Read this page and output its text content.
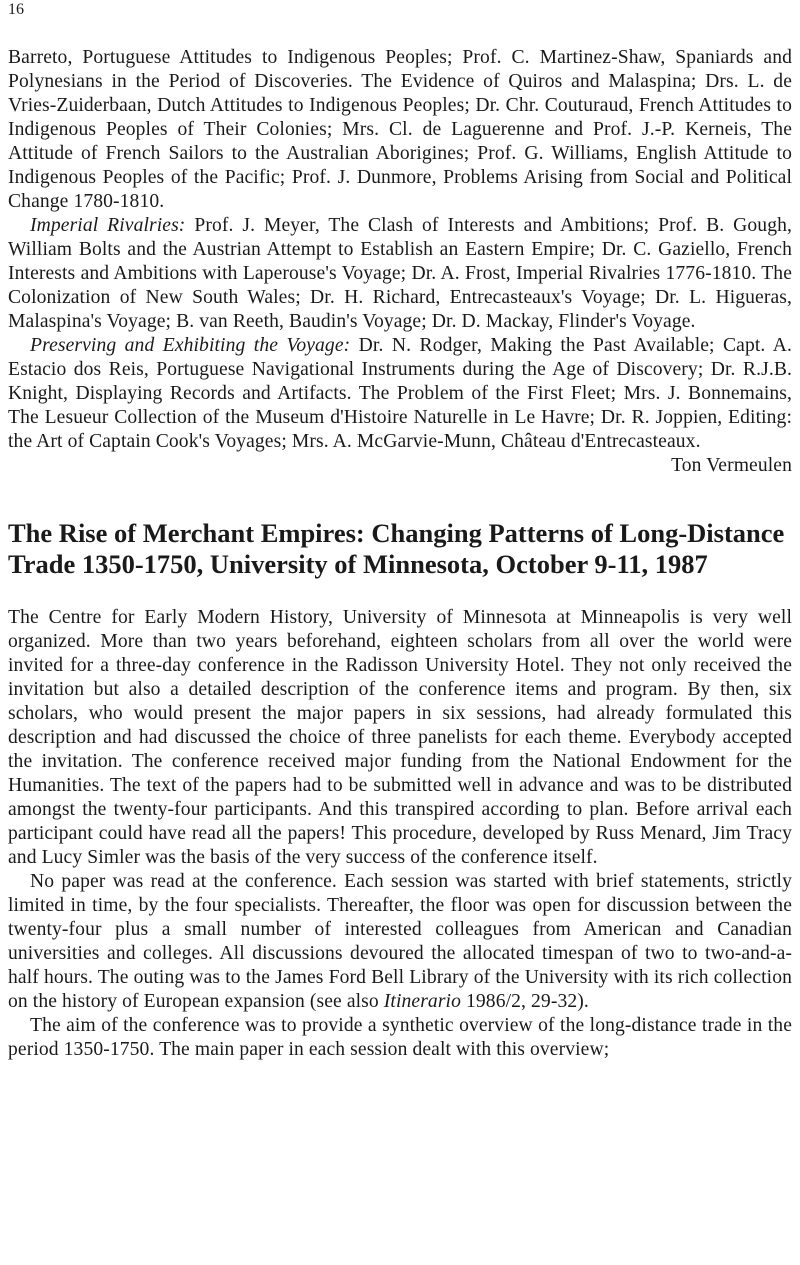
16

Barreto, Portuguese Attitudes to Indigenous Peoples; Prof. C. Martinez-Shaw, Spaniards and Polynesians in the Period of Discoveries. The Evidence of Quiros and Malaspina; Drs. L. de Vries-Zuiderbaan, Dutch Attitudes to Indigenous Peoples; Dr. Chr. Couturaud, French Attitudes to Indigenous Peoples of Their Colonies; Mrs. Cl. de Laguerenne and Prof. J.-P. Kerneis, The Attitude of French Sailors to the Australian Aborigines; Prof. G. Williams, English Attitude to Indigenous Peoples of the Pacific; Prof. J. Dunmore, Problems Arising from Social and Political Change 1780-1810.

Imperial Rivalries: Prof. J. Meyer, The Clash of Interests and Ambitions; Prof. B. Gough, William Bolts and the Austrian Attempt to Establish an Eastern Empire; Dr. C. Gaziello, French Interests and Ambitions with Laperouse's Voyage; Dr. A. Frost, Imperial Rivalries 1776-1810. The Colonization of New South Wales; Dr. H. Richard, Entrecasteaux's Voyage; Dr. L. Higueras, Malaspina's Voyage; B. van Reeth, Baudin's Voyage; Dr. D. Mackay, Flinder's Voyage.

Preserving and Exhibiting the Voyage: Dr. N. Rodger, Making the Past Available; Capt. A. Estacio dos Reis, Portuguese Navigational Instruments during the Age of Discovery; Dr. R.J.B. Knight, Displaying Records and Artifacts. The Problem of the First Fleet; Mrs. J. Bonnemains, The Lesueur Collection of the Museum d'Histoire Naturelle in Le Havre; Dr. R. Joppien, Editing: the Art of Captain Cook's Voyages; Mrs. A. McGarvie-Munn, Château d'Entrecasteaux.

Ton Vermeulen

The Rise of Merchant Empires: Changing Patterns of Long-Distance Trade 1350-1750, University of Minnesota, October 9-11, 1987

The Centre for Early Modern History, University of Minnesota at Minneapolis is very well organized. More than two years beforehand, eighteen scholars from all over the world were invited for a three-day conference in the Radisson University Hotel. They not only received the invitation but also a detailed description of the conference items and program. By then, six scholars, who would present the major papers in six sessions, had already formulated this description and had discussed the choice of three panelists for each theme. Everybody accepted the invitation. The conference received major funding from the National Endowment for the Humanities. The text of the papers had to be submitted well in advance and was to be distributed amongst the twenty-four participants. And this transpired according to plan. Before arrival each participant could have read all the papers! This procedure, developed by Russ Menard, Jim Tracy and Lucy Simler was the basis of the very success of the conference itself.

No paper was read at the conference. Each session was started with brief statements, strictly limited in time, by the four specialists. Thereafter, the floor was open for discussion between the twenty-four plus a small number of interested colleagues from American and Canadian universities and colleges. All discussions devoured the allocated timespan of two to two-and-a-half hours. The outing was to the James Ford Bell Library of the University with its rich collection on the history of European expansion (see also Itinerario 1986/2, 29-32).

The aim of the conference was to provide a synthetic overview of the long-distance trade in the period 1350-1750. The main paper in each session dealt with this overview;
